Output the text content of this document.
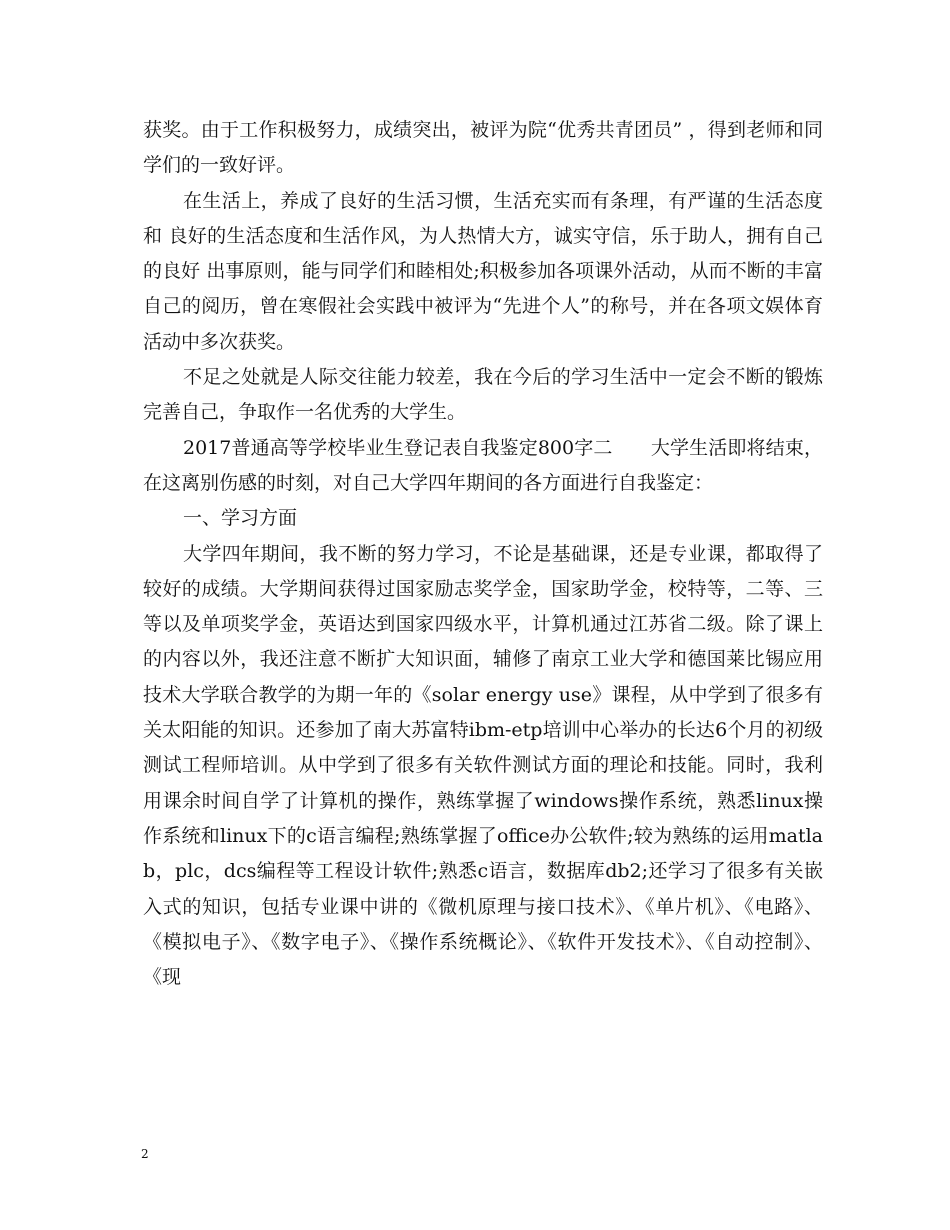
获奖。由于工作积极努力，成绩突出，被评为院“优秀共青团员” ，得到老师和同学们的一致好评。

在生活上，养成了良好的生活习惯，生活充实而有条理，有严谨的生活态度和 良好的生活态度和生活作风，为人热情大方，诚实守信，乐于助人，拥有自己的良好 出事原则，能与同学们和睦相处;积极参加各项课外活动，从而不断的丰富自己的阅历，曾在寒假社会实践中被评为“先进个人”的称号，并在各项文娱体育活动中多次获奖。

不足之处就是人际交往能力较差，我在今后的学习生活中一定会不断的锻炼完善自己，争取作一名优秀的大学生。

2017普通高等学校毕业生登记表自我鉴定800字二　　大学生活即将结束，在这离别伤感的时刻，对自己大学四年期间的各方面进行自我鉴定：

一、学习方面

大学四年期间，我不断的努力学习，不论是基础课，还是专业课，都取得了较好的成绩。大学期间获得过国家励志奖学金，国家助学金，校特等，二等、三等以及单项奖学金，英语达到国家四级水平，计算机通过江苏省二级。除了课上的内容以外，我还注意不断扩大知识面，辅修了南京工业大学和德国莱比锡应用技术大学联合教学的为期一年的《solar energy use》课程，从中学到了很多有关太阳能的知识。还参加了南大苏富特ibm-etp培训中心举办的长达6个月的初级测试工程师培训。从中学到了很多有关软件测试方面的理论和技能。同时，我利用课余时间自学了计算机的操作，熟练掌握了windows操作系统，熟悉linux操作系统和linux下的c语言编程;熟练掌握了office办公软件;较为熟练的运用matlab，plc，dcs编程等工程设计软件;熟悉c语言，数据库db2;还学习了很多有关嵌入式的知识，包括专业课中讲的《微机原理与接口技术》、《单片机》、《电路》、《模拟电子》、《数字电子》、《操作系统概论》、《软件开发技术》、《自动控制》、《现

2
